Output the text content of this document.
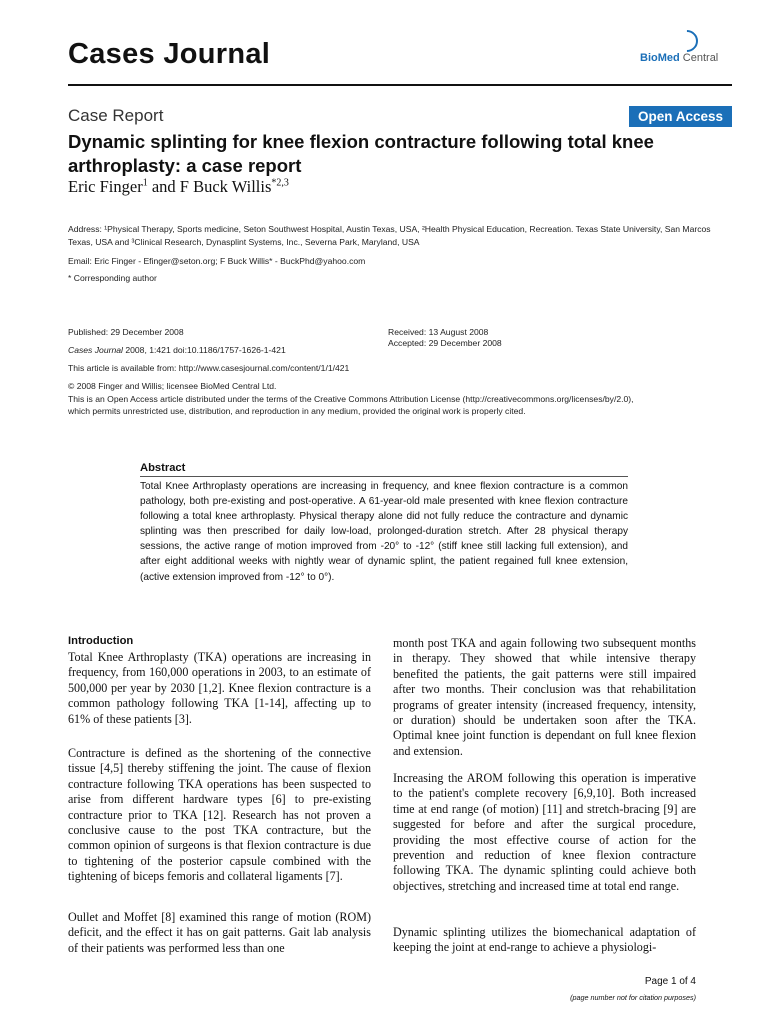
Cases Journal	BioMed Central
Case Report	Open Access
Dynamic splinting for knee flexion contracture following total knee arthroplasty: a case report
Eric Finger$^1$ and F Buck Willis$^{*2,3}$
Address: ¹Physical Therapy, Sports medicine, Seton Southwest Hospital, Austin Texas, USA, ²Health Physical Education, Recreation. Texas State University, San Marcos Texas, USA and ³Clinical Research, Dynasplint Systems, Inc., Severna Park, Maryland, USA
Email: Eric Finger - Efinger@seton.org; F Buck Willis* - BuckPhd@yahoo.com
* Corresponding author
Published: 29 December 2008
Cases Journal 2008, 1:421 doi:10.1186/1757-1626-1-421
Received: 13 August 2008
Accepted: 29 December 2008
This article is available from: http://www.casesjournal.com/content/1/1/421
© 2008 Finger and Willis; licensee BioMed Central Ltd.
This is an Open Access article distributed under the terms of the Creative Commons Attribution License (http://creativecommons.org/licenses/by/2.0),
which permits unrestricted use, distribution, and reproduction in any medium, provided the original work is properly cited.
Abstract
Total Knee Arthroplasty operations are increasing in frequency, and knee flexion contracture is a common pathology, both pre-existing and post-operative. A 61-year-old male presented with knee flexion contracture following a total knee arthroplasty. Physical therapy alone did not fully reduce the contracture and dynamic splinting was then prescribed for daily low-load, prolonged-duration stretch. After 28 physical therapy sessions, the active range of motion improved from -20° to -12° (stiff knee still lacking full extension), and after eight additional weeks with nightly wear of dynamic splint, the patient regained full knee extension, (active extension improved from -12° to 0°).
Introduction
Total Knee Arthroplasty (TKA) operations are increasing in frequency, from 160,000 operations in 2003, to an estimate of 500,000 per year by 2030 [1,2]. Knee flexion contracture is a common pathology following TKA [1-14], affecting up to 61% of these patients [3].
Contracture is defined as the shortening of the connective tissue [4,5] thereby stiffening the joint. The cause of flexion contracture following TKA operations has been suspected to arise from different hardware types [6] to pre-existing contracture prior to TKA [12]. Research has not proven a conclusive cause to the post TKA contracture, but the common opinion of surgeons is that flexion contracture is due to tightening of the posterior capsule combined with the tightening of biceps femoris and collateral ligaments [7].
Oullet and Moffet [8] examined this range of motion (ROM) deficit, and the effect it has on gait patterns. Gait lab analysis of their patients was performed less than one
month post TKA and again following two subsequent months in therapy. They showed that while intensive therapy benefited the patients, the gait patterns were still impaired after two months. Their conclusion was that rehabilitation programs of greater intensity (increased frequency, intensity, or duration) should be undertaken soon after the TKA. Optimal knee joint function is dependant on full knee flexion and extension.
Increasing the AROM following this operation is imperative to the patient's complete recovery [6,9,10]. Both increased time at end range (of motion) [11] and stretch-bracing [9] are suggested for before and after the surgical procedure, providing the most effective course of action for the prevention and reduction of knee flexion contracture following TKA. The dynamic splinting could achieve both objectives, stretching and increased time at total end range.
Dynamic splinting utilizes the biomechanical adaptation of keeping the joint at end-range to achieve a physiologi-
Page 1 of 4
(page number not for citation purposes)
